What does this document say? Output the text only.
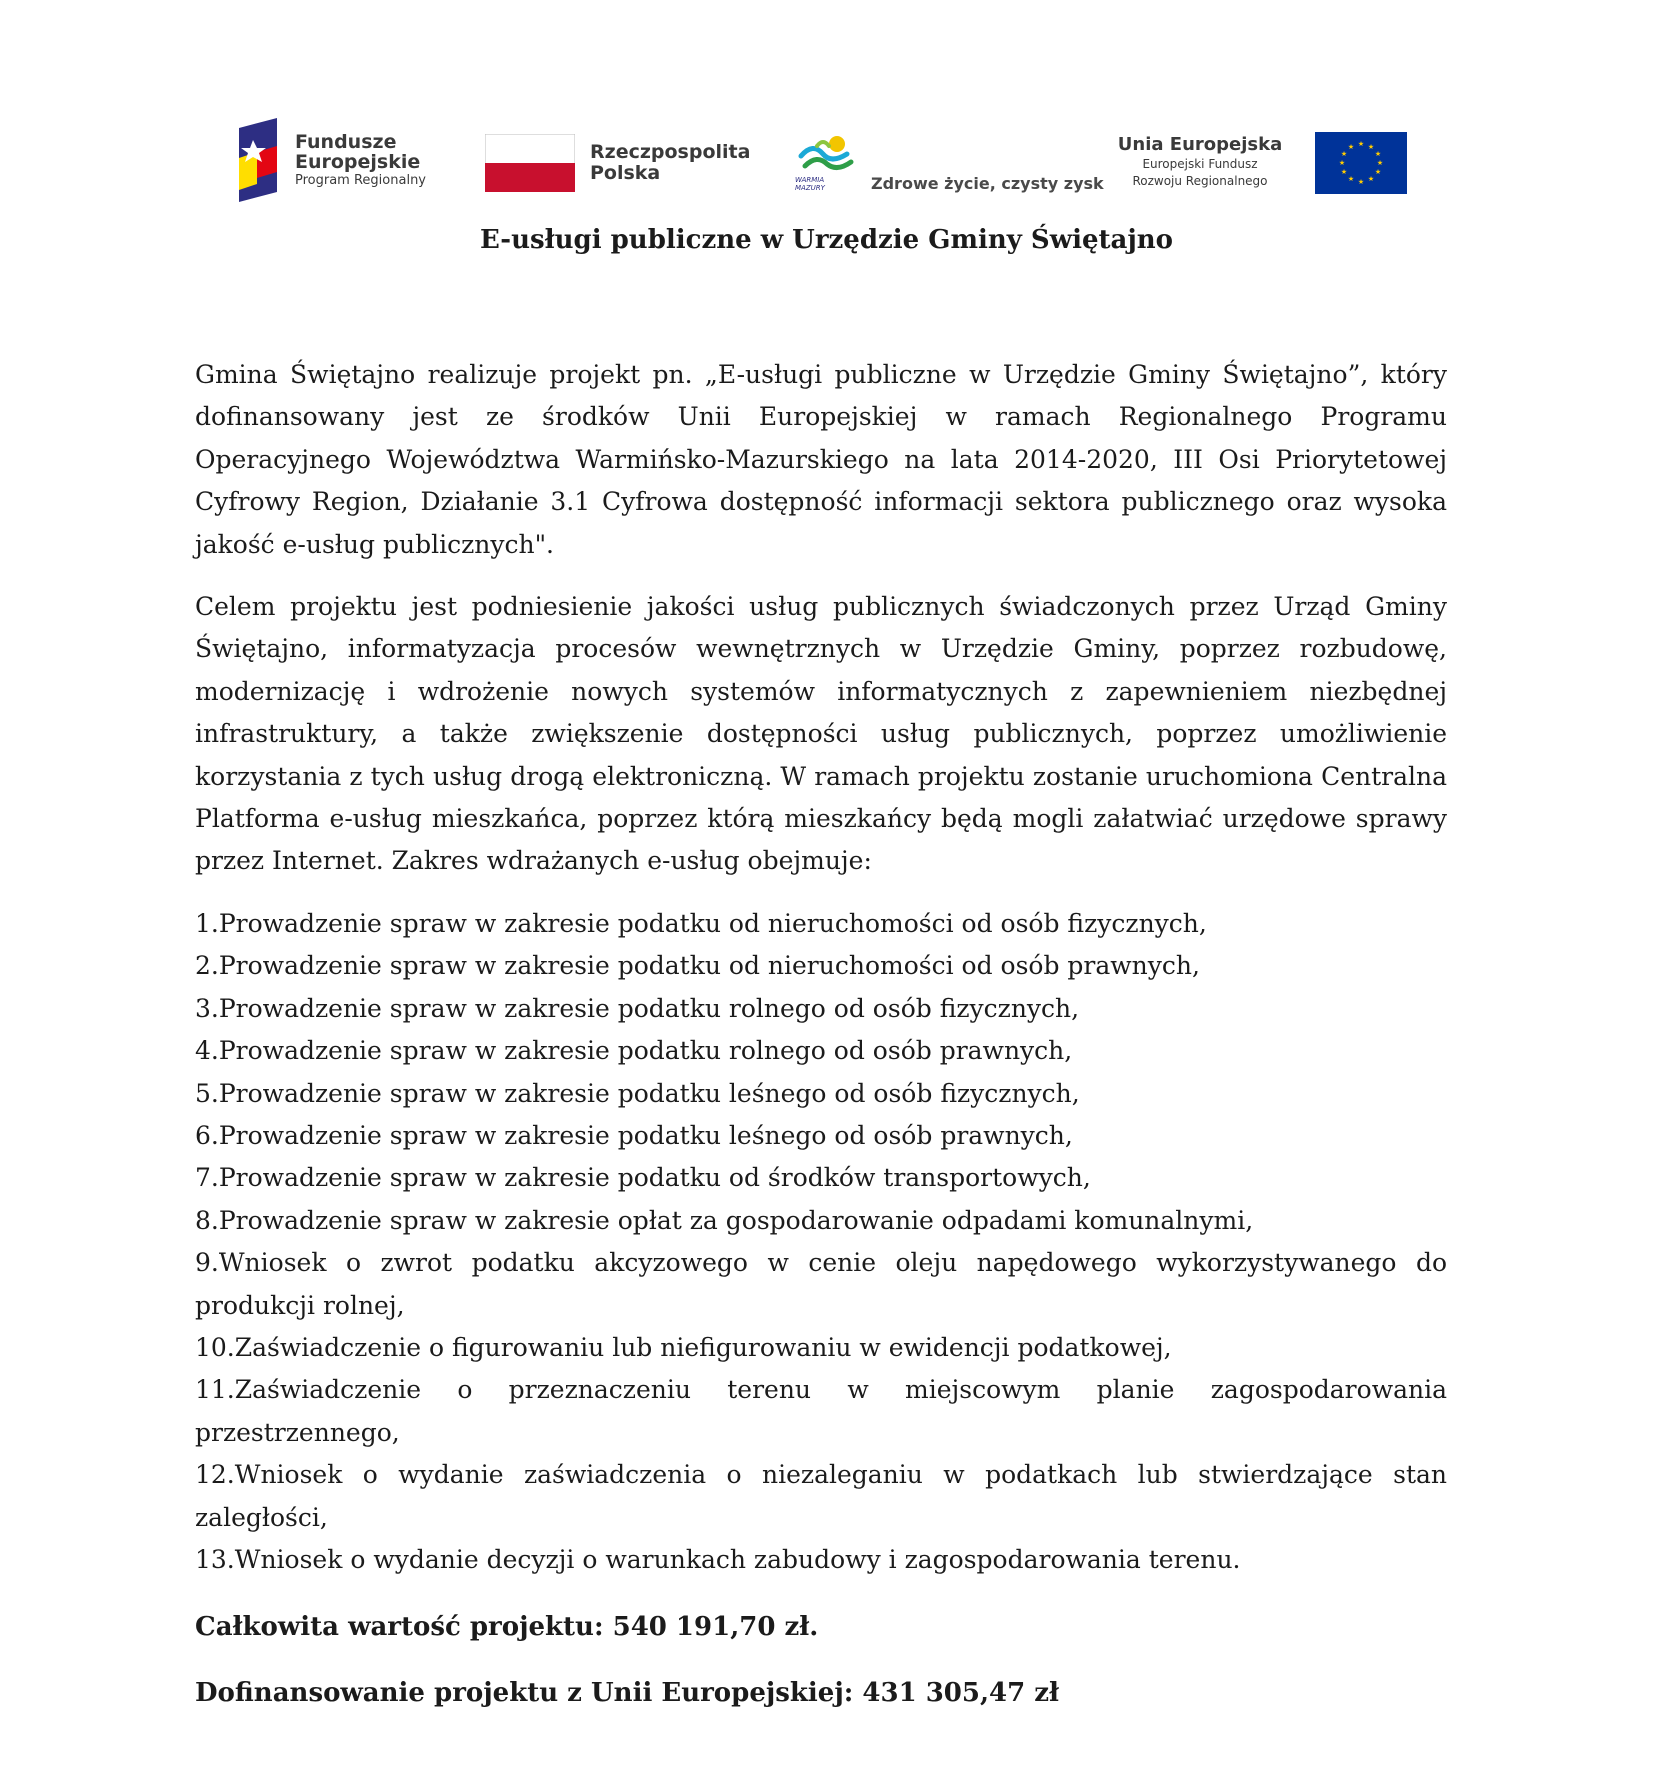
Fundusze
Europejskie
Program Regionalny
Rzeczpospolita
Polska	WARMIA
MAZURY	Zdrowe życie, czysty zysk
Unia Europejska
Europejski Fundusz
Rozwoju Regionalnego
★ ★
★
★
★
★
★
★
★
★
★
★
E-usługi publiczne w Urzędzie Gminy Świętajno

Gmina Świętajno realizuje projekt pn. „E-usługi publiczne w Urzędzie Gminy Świętajno”, który dofinansowany jest ze środków Unii Europejskiej w ramach Regionalnego Programu Operacyjnego Województwa Warmińsko-Mazurskiego na lata 2014-2020, III Osi Priorytetowej Cyfrowy Region, Działanie 3.1 Cyfrowa dostępność informacji sektora publicznego oraz wysoka jakość e-usług publicznych".

Celem projektu jest podniesienie jakości usług publicznych świadczonych przez Urząd Gminy Świętajno, informatyzacja procesów wewnętrznych w Urzędzie Gminy, poprzez rozbudowę, modernizację i wdrożenie nowych systemów informatycznych z zapewnieniem niezbędnej infrastruktury, a także zwiększenie dostępności usług publicznych, poprzez umożliwienie korzystania z tych usług drogą elektroniczną. W ramach projektu zostanie uruchomiona Centralna Platforma e-usług mieszkańca, poprzez którą mieszkańcy będą mogli załatwiać urzędowe sprawy przez Internet. Zakres wdrażanych e-usług obejmuje:

1.Prowadzenie spraw w zakresie podatku od nieruchomości od osób fizycznych,
2.Prowadzenie spraw w zakresie podatku od nieruchomości od osób prawnych,
3.Prowadzenie spraw w zakresie podatku rolnego od osób fizycznych,
4.Prowadzenie spraw w zakresie podatku rolnego od osób prawnych,
5.Prowadzenie spraw w zakresie podatku leśnego od osób fizycznych,
6.Prowadzenie spraw w zakresie podatku leśnego od osób prawnych,
7.Prowadzenie spraw w zakresie podatku od środków transportowych,
8.Prowadzenie spraw w zakresie opłat za gospodarowanie odpadami komunalnymi,
9.Wniosek o zwrot podatku akcyzowego w cenie oleju napędowego wykorzystywanego do produkcji rolnej,
10.Zaświadczenie o figurowaniu lub niefigurowaniu w ewidencji podatkowej,
11.Zaświadczenie o przeznaczeniu terenu w miejscowym planie zagospodarowania przestrzennego,
12.Wniosek o wydanie zaświadczenia o niezaleganiu w podatkach lub stwierdzające stan zaległości,
13.Wniosek o wydanie decyzji o warunkach zabudowy i zagospodarowania terenu.

Całkowita wartość projektu: 540 191,70 zł.

Dofinansowanie projektu z Unii Europejskiej: 431 305,47 zł
